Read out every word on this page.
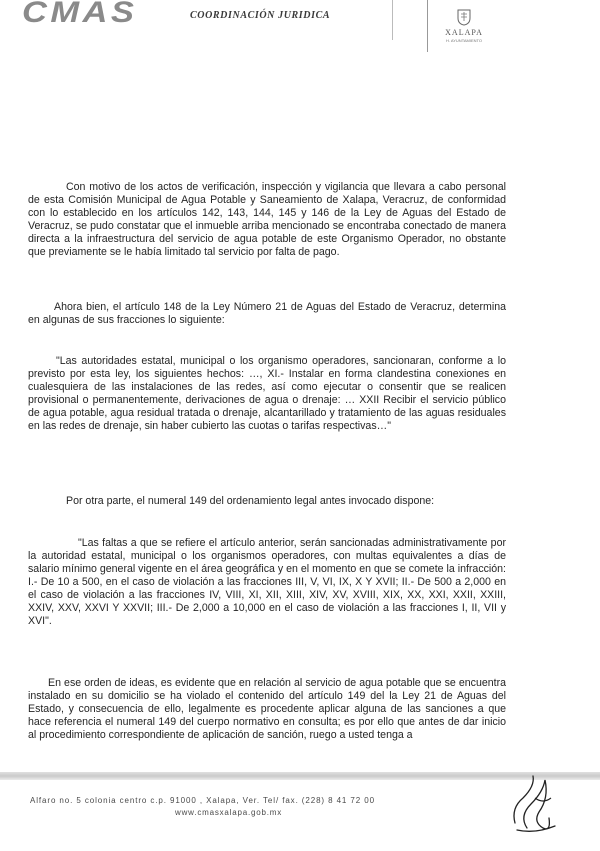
CMAS	COORDINACIÓN JURIDICA
XALAPA
H. AYUNTAMIENTO

Con motivo de los actos de verificación, inspección y vigilancia que llevara a cabo personal de esta Comisión Municipal de Agua Potable y Saneamiento de Xalapa, Veracruz, de conformidad con lo establecido en los artículos 142, 143, 144, 145 y 146 de la Ley de Aguas del Estado de Veracruz, se pudo constatar que el inmueble arriba mencionado se encontraba conectado de manera directa a la infraestructura del servicio de agua potable de este Organismo Operador, no obstante que previamente se le había limitado tal servicio por falta de pago.

Ahora bien, el artículo 148 de la Ley Número 21 de Aguas del Estado de Veracruz, determina en algunas de sus fracciones lo siguiente:

"Las autoridades estatal, municipal o los organismo operadores, sancionaran, conforme a lo previsto por esta ley, los siguientes hechos: …, XI.- Instalar en forma clandestina conexiones en cualesquiera de las instalaciones de las redes, así como ejecutar o consentir que se realicen provisional o permanentemente, derivaciones de agua o drenaje: … XXII Recibir el servicio público de agua potable, agua residual tratada o drenaje, alcantarillado y tratamiento de las aguas residuales en las redes de drenaje, sin haber cubierto las cuotas o tarifas respectivas…"

Por otra parte, el numeral 149 del ordenamiento legal antes invocado dispone:

"Las faltas a que se refiere el artículo anterior, serán sancionadas administrativamente por la autoridad estatal, municipal o los organismos operadores, con multas equivalentes a días de salario mínimo general vigente en el área geográfica y en el momento en que se comete la infracción: I.- De 10 a 500, en el caso de violación a las fracciones III, V, VI, IX, X Y XVII; II.- De 500 a 2,000 en el caso de violación a las fracciones IV, VIII, XI, XII, XIII, XIV, XV, XVIII, XIX, XX, XXI, XXII, XXIII, XXIV, XXV, XXVI Y XXVII; III.- De 2,000 a 10,000 en el caso de violación a las fracciones I, II, VII y XVI".

En ese orden de ideas, es evidente que en relación al servicio de agua potable que se encuentra instalado en su domicilio se ha violado el contenido del artículo 149 del la Ley 21 de Aguas del Estado, y consecuencia de ello, legalmente es procedente aplicar alguna de las sanciones a que hace referencia el numeral 149 del cuerpo normativo en consulta; es por ello que antes de dar inicio al procedimiento correspondiente de aplicación de sanción, ruego a usted tenga a

Alfaro no. 5 colonia centro c.p. 91000 , Xalapa, Ver. Tel/ fax. (228) 8 41 72 00
www.cmasxalapa.gob.mx
